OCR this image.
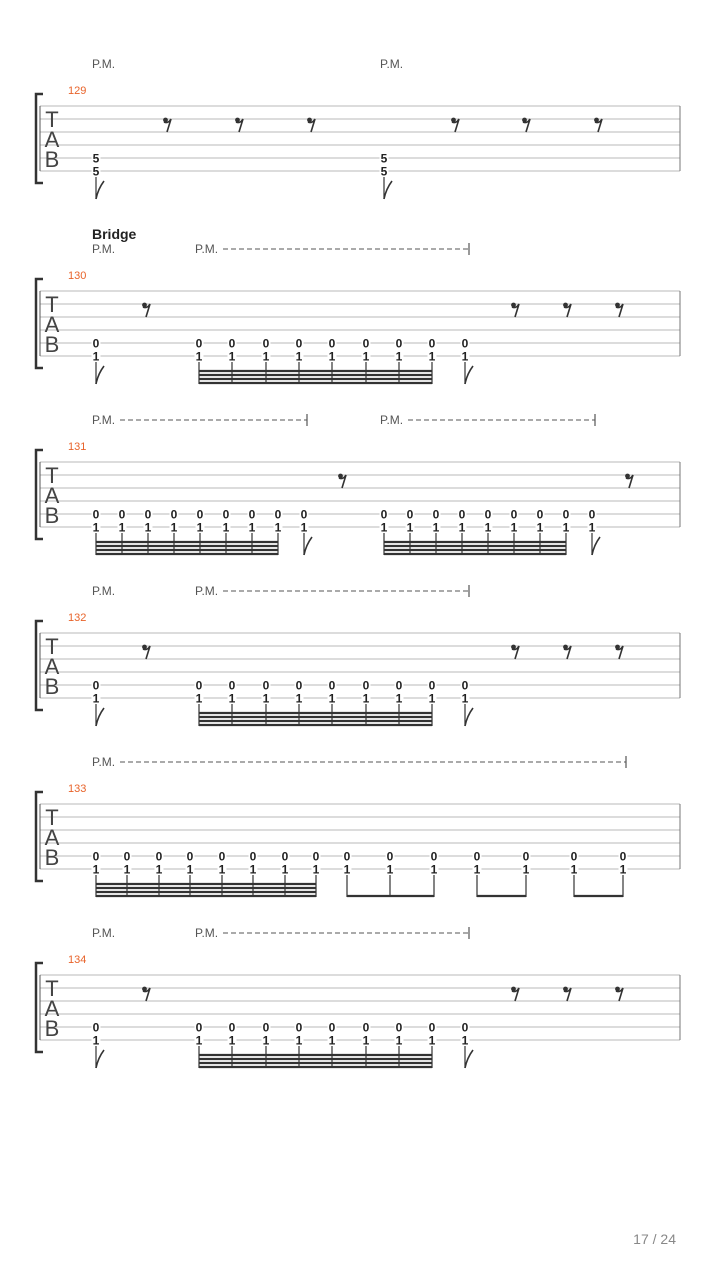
T
A
B
129
P.M.	P.M.
5
5
5
5
T
A
B
130
Bridge
P.M.	P.M.
0
1
0
1
0
1
0
1
0
1
0
1
0
1
0
1
0
1
0
1
T
A
B
131
P.M.	P.M.
0
1
0
1
0
1
0
1
0
1
0
1
0
1
0
1
0
1
0
1
0
1
0
1
0
1
0
1
0
1
0
1
0
1
0
1
T
A
B
132
P.M.	P.M.
0
1
0
1
0
1
0
1
0
1
0
1
0
1
0
1
0
1
0
1
T
A
B
133
P.M.
0
1
0
1
0
1
0
1
0
1
0
1
0
1
0
1
0
1
0
1
0
1
0
1
0
1
0
1
0
1
T
A
B
134
P.M.	P.M.
0
1
0
1
0
1
0
1
0
1
0
1
0
1
0
1
0
1
0
1
17 / 24
